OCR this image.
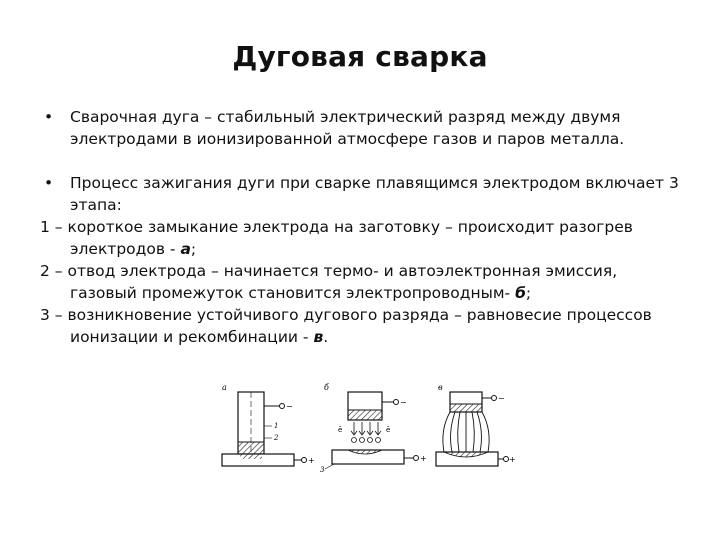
Дуговая сварка

• Сварочная дуга – стабильный электрический разряд между двумя электродами в ионизированной атмосфере газов и паров металла.

• Процесс зажигания дуги при сварке плавящимся электродом включает 3 этапа:

1 – короткое замыкание электрода на заготовку – происходит разогрев электродов - а;

2 – отвод электрода – начинается термо- и автоэлектронная эмиссия, газовый промежуток становится электропроводным- б;

3 – возникновение устойчивого дугового разряда – равновесие процессов ионизации и рекомбинации - в.

а
−
1
2
+
б
−
ē	ē
+
3
в
−
+
